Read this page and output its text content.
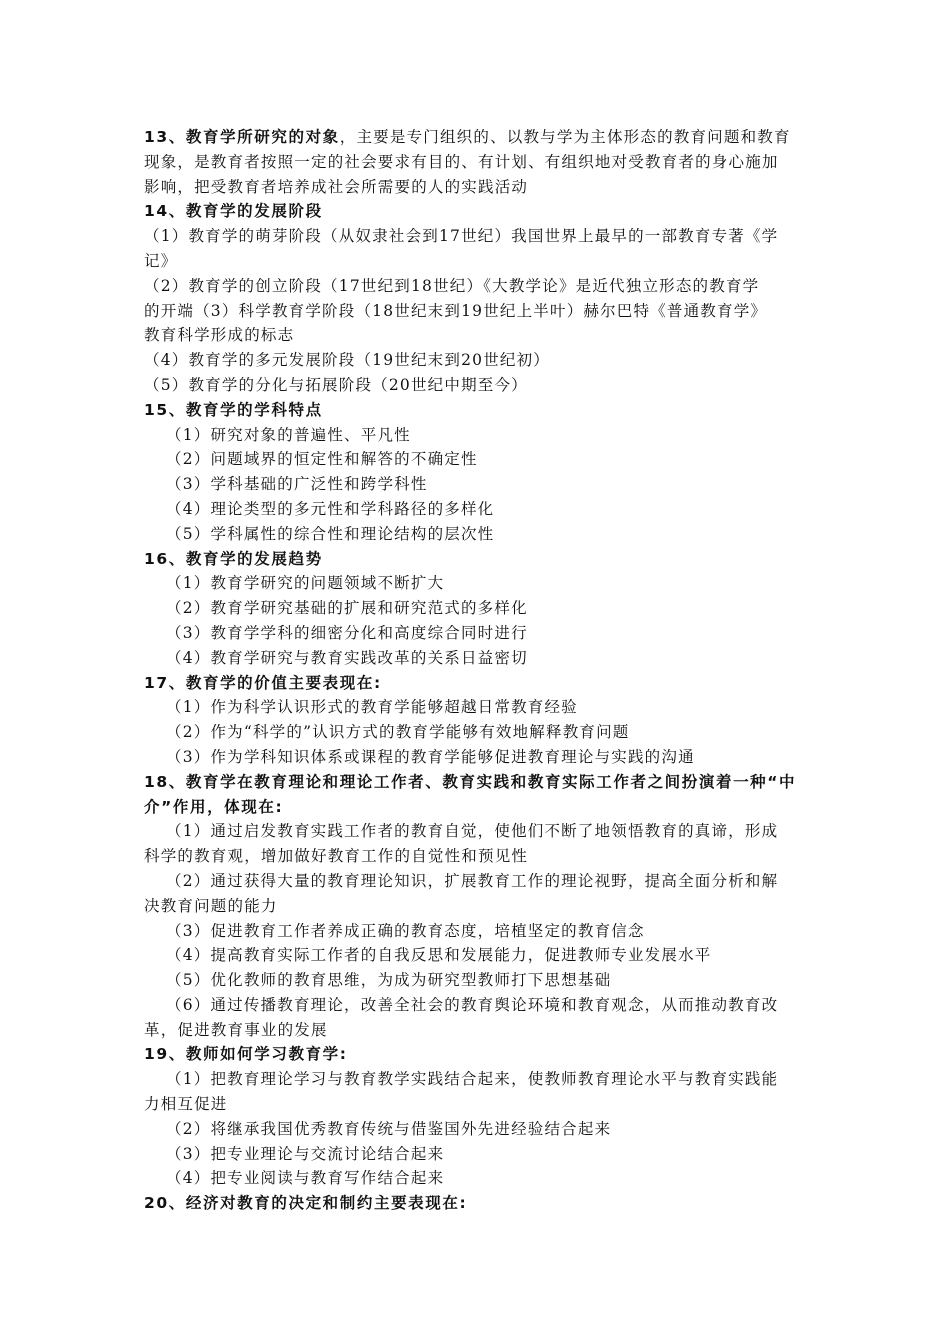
13、教育学所研究的对象，主要是专门组织的、以教与学为主体形态的教育问题和教育
现象，是教育者按照一定的社会要求有目的、有计划、有组织地对受教育者的身心施加
影响，把受教育者培养成社会所需要的人的实践活动
14、教育学的发展阶段
（1）教育学的萌芽阶段（从奴隶社会到17世纪）我国世界上最早的一部教育专著《学
记》
（2）教育学的创立阶段（17世纪到18世纪）《大教学论》是近代独立形态的教育学
的开端（3）科学教育学阶段（18世纪末到19世纪上半叶）赫尔巴特《普通教育学》
教育科学形成的标志
（4）教育学的多元发展阶段（19世纪末到20世纪初）
（5）教育学的分化与拓展阶段（20世纪中期至今）
15、教育学的学科特点
（1）研究对象的普遍性、平凡性
（2）问题域界的恒定性和解答的不确定性
（3）学科基础的广泛性和跨学科性
（4）理论类型的多元性和学科路径的多样化
（5）学科属性的综合性和理论结构的层次性
16、教育学的发展趋势
（1）教育学研究的问题领域不断扩大
（2）教育学研究基础的扩展和研究范式的多样化
（3）教育学学科的细密分化和高度综合同时进行
（4）教育学研究与教育实践改革的关系日益密切
17、教育学的价值主要表现在:
（1）作为科学认识形式的教育学能够超越日常教育经验
（2）作为“科学的”认识方式的教育学能够有效地解释教育问题
（3）作为学科知识体系或课程的教育学能够促进教育理论与实践的沟通
18、教育学在教育理论和理论工作者、教育实践和教育实际工作者之间扮演着一种“中
介”作用，体现在:
（1）通过启发教育实践工作者的教育自觉，使他们不断了地领悟教育的真谛，形成
科学的教育观，增加做好教育工作的自觉性和预见性
（2）通过获得大量的教育理论知识，扩展教育工作的理论视野，提高全面分析和解
决教育问题的能力
（3）促进教育工作者养成正确的教育态度，培植坚定的教育信念
（4）提高教育实际工作者的自我反思和发展能力，促进教师专业发展水平
（5）优化教师的教育思维，为成为研究型教师打下思想基础
（6）通过传播教育理论，改善全社会的教育舆论环境和教育观念，从而推动教育改
革，促进教育事业的发展
19、教师如何学习教育学:
（1）把教育理论学习与教育教学实践结合起来，使教师教育理论水平与教育实践能
力相互促进
（2）将继承我国优秀教育传统与借鉴国外先进经验结合起来
（3）把专业理论与交流讨论结合起来
（4）把专业阅读与教育写作结合起来
20、经济对教育的决定和制约主要表现在:
